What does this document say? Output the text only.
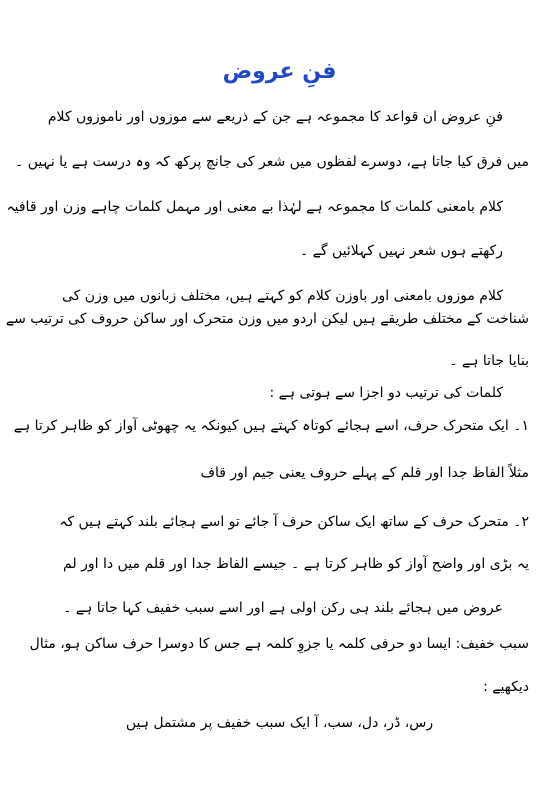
فنِ عروض

فنِ عروض ان قواعد کا مجموعہ ہے جن کے ذریعے سے موزوں اور ناموزوں کلام

میں فرق کیا جاتا ہے، دوسرے لفظوں میں شعر کی جانچ پرکھ کہ وہ درست ہے یا نہیں ۔

کلام بامعنی کلمات کا مجموعہ ہے لہٰذا بے معنی اور مہمل کلمات چاہے وزن اور قافیہ

رکھتے ہوں شعر نہیں کہلائیں گے ۔

کلام موزوں بامعنی اور باوزن کلام کو کہتے ہیں، مختلف زبانوں میں وزن کی

شناخت کے مختلف طریقے ہیں لیکن اردو میں وزن متحرک اور ساکن حروف کی ترتیب سے

بنایا جاتا ہے ۔

کلمات کی ترتیب دو اجزا سے ہوتی ہے :

۱۔ ایک متحرک حرف، اسے ہجائے کوتاہ کہتے ہیں کیونکہ یہ چھوٹی آواز کو ظاہر کرتا ہے

مثلاً الفاظ جدا اور قلم کے پہلے حروف یعنی جیم اور قاف

۲۔ متحرک حرف کے ساتھ ایک ساکن حرف آ جائے تو اسے ہجائے بلند کہتے ہیں کہ

یہ بڑی اور واضح آواز کو ظاہر کرتا ہے ۔ جیسے الفاظ جدا اور قلم میں دا اور لم

عروض میں ہجائے بلند ہی رکن اولی ہے اور اسے سبب خفیف کہا جاتا ہے ۔

سبب خفیف: ایسا دو حرفی کلمہ یا جزوِ کلمہ ہے جس کا دوسرا حرف ساکن ہو، مثال

دیکھیے :

رس، ڈر، دل، سب، آ ایک سبب خفیف پر مشتمل ہیں
